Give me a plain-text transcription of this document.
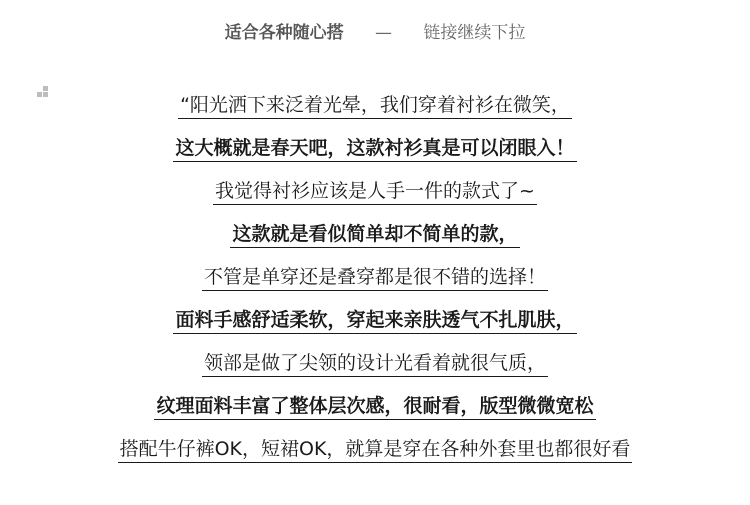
适合各种随心搭 — 链接继续下拉
“阳光洒下来泛着光晕，我们穿着衬衫在微笑，
这大概就是春天吧，这款衬衫真是可以闭眼入！
我觉得衬衫应该是人手一件的款式了~
这款就是看似简单却不简单的款，
不管是单穿还是叠穿都是很不错的选择！
面料手感舒适柔软，穿起来亲肤透气不扎肌肤，
领部是做了尖领的设计光看着就很气质，
纹理面料丰富了整体层次感，很耐看，版型微微宽松
搭配牛仔裤OK，短裙OK，就算是穿在各种外套里也都很好看
